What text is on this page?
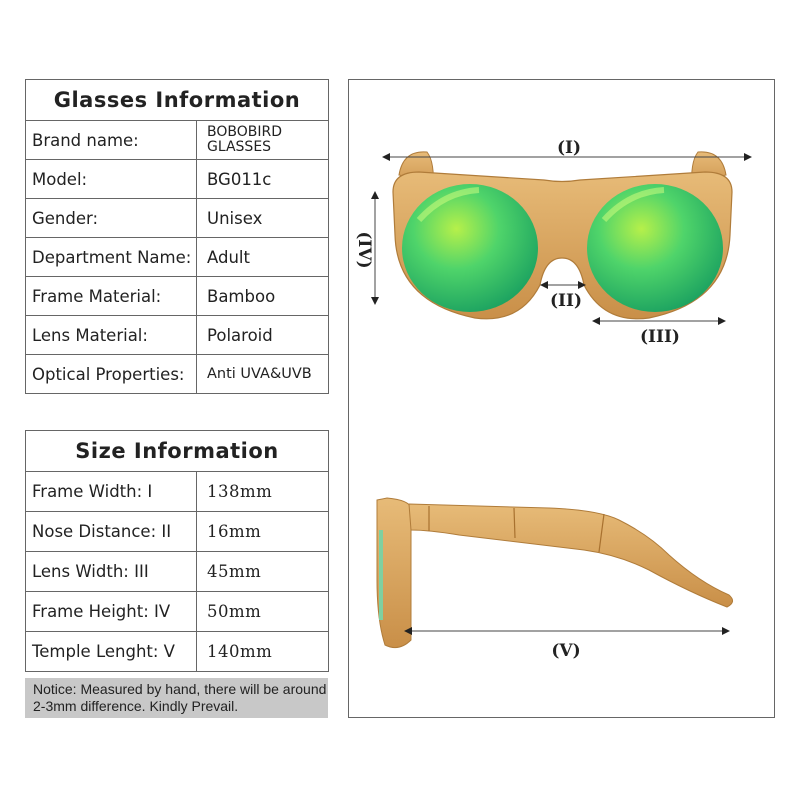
Glasses Information	
Brand name:	BOBOBIRD GLASSES
Model:	BG011c
Gender:	Unisex
Department Name:	Adult
Frame Material:	Bamboo
Lens Material:	Polaroid
Optical Properties:	Anti UVA&UVB
Size Information	
Frame Width: I	138mm
Nose Distance: II	16mm
Lens Width: III	45mm
Frame Height: IV	50mm
Temple Lenght: V	140mm
Notice: Measured by hand, there will be around 2-3mm difference. Kindly Prevail.
(I)
(IV)
(II)
(III)
(V)
